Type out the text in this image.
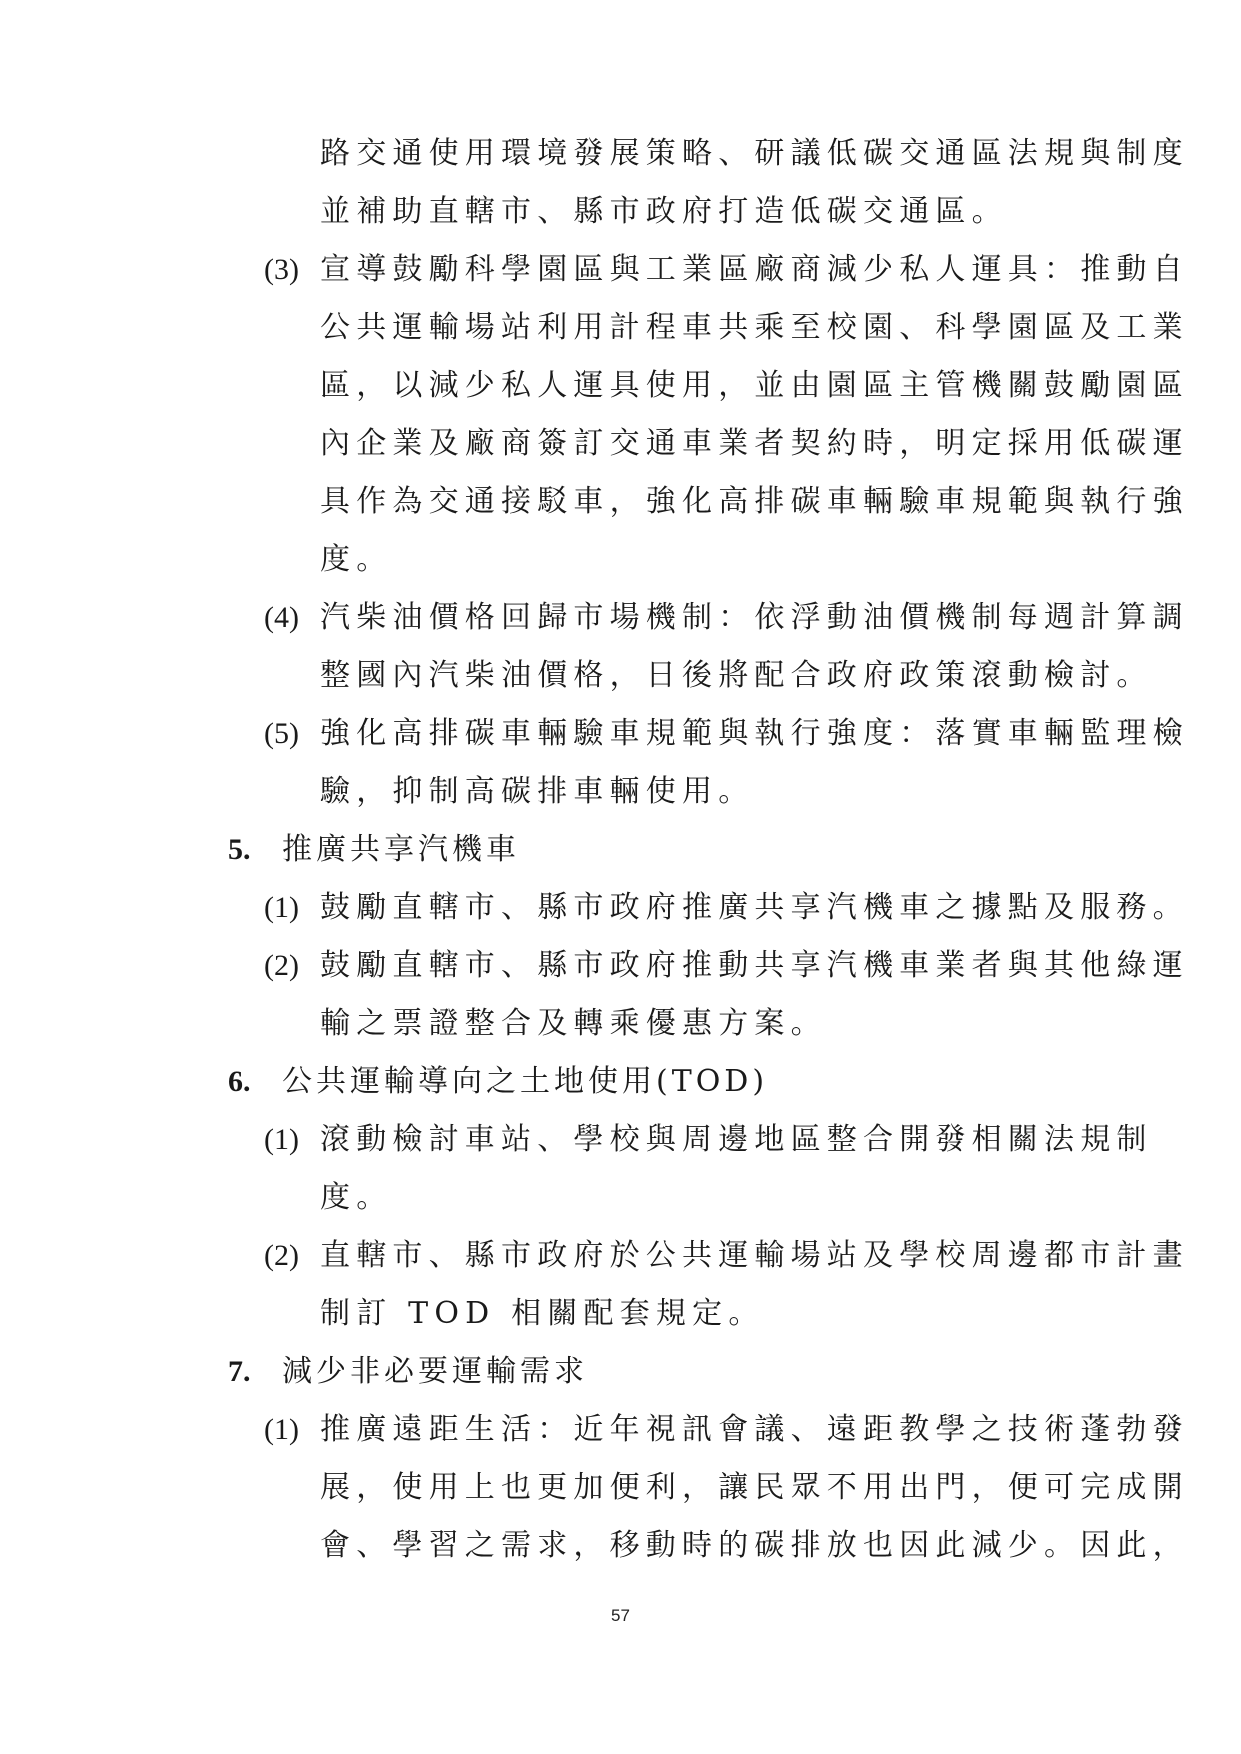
路交通使用環境發展策略、研議低碳交通區法規與制度
並補助直轄市、縣市政府打造低碳交通區。
(3) 宣導鼓勵科學園區與工業區廠商減少私人運具：推動自
公共運輸場站利用計程車共乘至校園、科學園區及工業
區，以減少私人運具使用，並由園區主管機關鼓勵園區
內企業及廠商簽訂交通車業者契約時，明定採用低碳運
具作為交通接駁車，強化高排碳車輛驗車規範與執行強
度。
(4) 汽柴油價格回歸市場機制：依浮動油價機制每週計算調
整國內汽柴油價格，日後將配合政府政策滾動檢討。
(5) 強化高排碳車輛驗車規範與執行強度：落實車輛監理檢
驗，抑制高碳排車輛使用。
5. 推廣共享汽機車
(1) 鼓勵直轄市、縣市政府推廣共享汽機車之據點及服務。
(2) 鼓勵直轄市、縣市政府推動共享汽機車業者與其他綠運
輸之票證整合及轉乘優惠方案。
6. 公共運輸導向之土地使用(TOD)
(1) 滾動檢討車站、學校與周邊地區整合開發相關法規制
度。
(2) 直轄市、縣市政府於公共運輸場站及學校周邊都市計畫
制訂 TOD 相關配套規定。
7. 減少非必要運輸需求
(1) 推廣遠距生活：近年視訊會議、遠距教學之技術蓬勃發
展，使用上也更加便利，讓民眾不用出門，便可完成開
會、學習之需求，移動時的碳排放也因此減少。因此，
57
